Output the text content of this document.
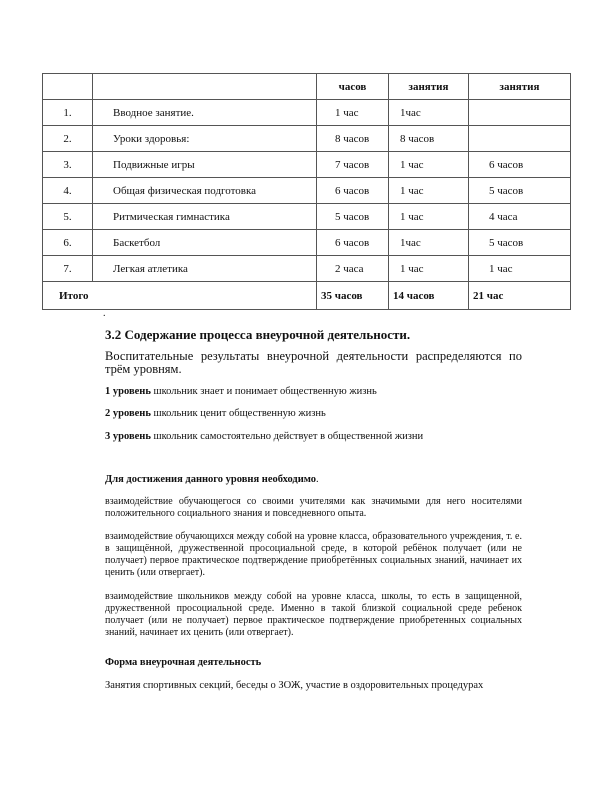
		часов	занятия	занятия
1.	Вводное занятие.	1 час	1час	
2.	Уроки здоровья:	8 часов	8 часов	
3.	Подвижные игры	7 часов	1 час	6 часов
4.	Общая физическая подготовка	6 часов	1 час	5 часов
5.	Ритмическая гимнастика	5 часов	1 час	4 часа
6.	Баскетбол	6 часов	1час	5 часов
7.	Легкая атлетика	2 часа	1 час	1 час
Итого		35 часов	14 часов	21 час
.
3.2 Содержание процесса внеурочной деятельности.
Воспитательные результаты внеурочной деятельности распределяются по трём уровням.
1 уровень школьник знает и понимает общественную жизнь
2 уровень школьник ценит общественную жизнь
3 уровень школьник самостоятельно действует в общественной жизни
Для достижения данного уровня необходимо.
взаимодействие обучающегося со своими учителями как значимыми для него носителями положительного социального знания и повседневного опыта.
взаимодействие обучающихся между собой на уровне класса, образовательного учреждения, т. е. в защищённой, дружественной просоциальной среде, в которой ребёнок получает (или не получает) первое практическое подтверждение приобретённых социальных знаний, начинает их ценить (или отвергает).
взаимодействие школьников между собой на уровне класса, школы, то есть в защищенной, дружественной просоциальной среде. Именно в такой близкой социальной среде ребенок получает (или не получает) первое практическое подтверждение приобретенных социальных знаний, начинает их ценить (или отвергает).
Форма внеурочная деятельность
Занятия спортивных секций, беседы о ЗОЖ, участие в оздоровительных процедурах
